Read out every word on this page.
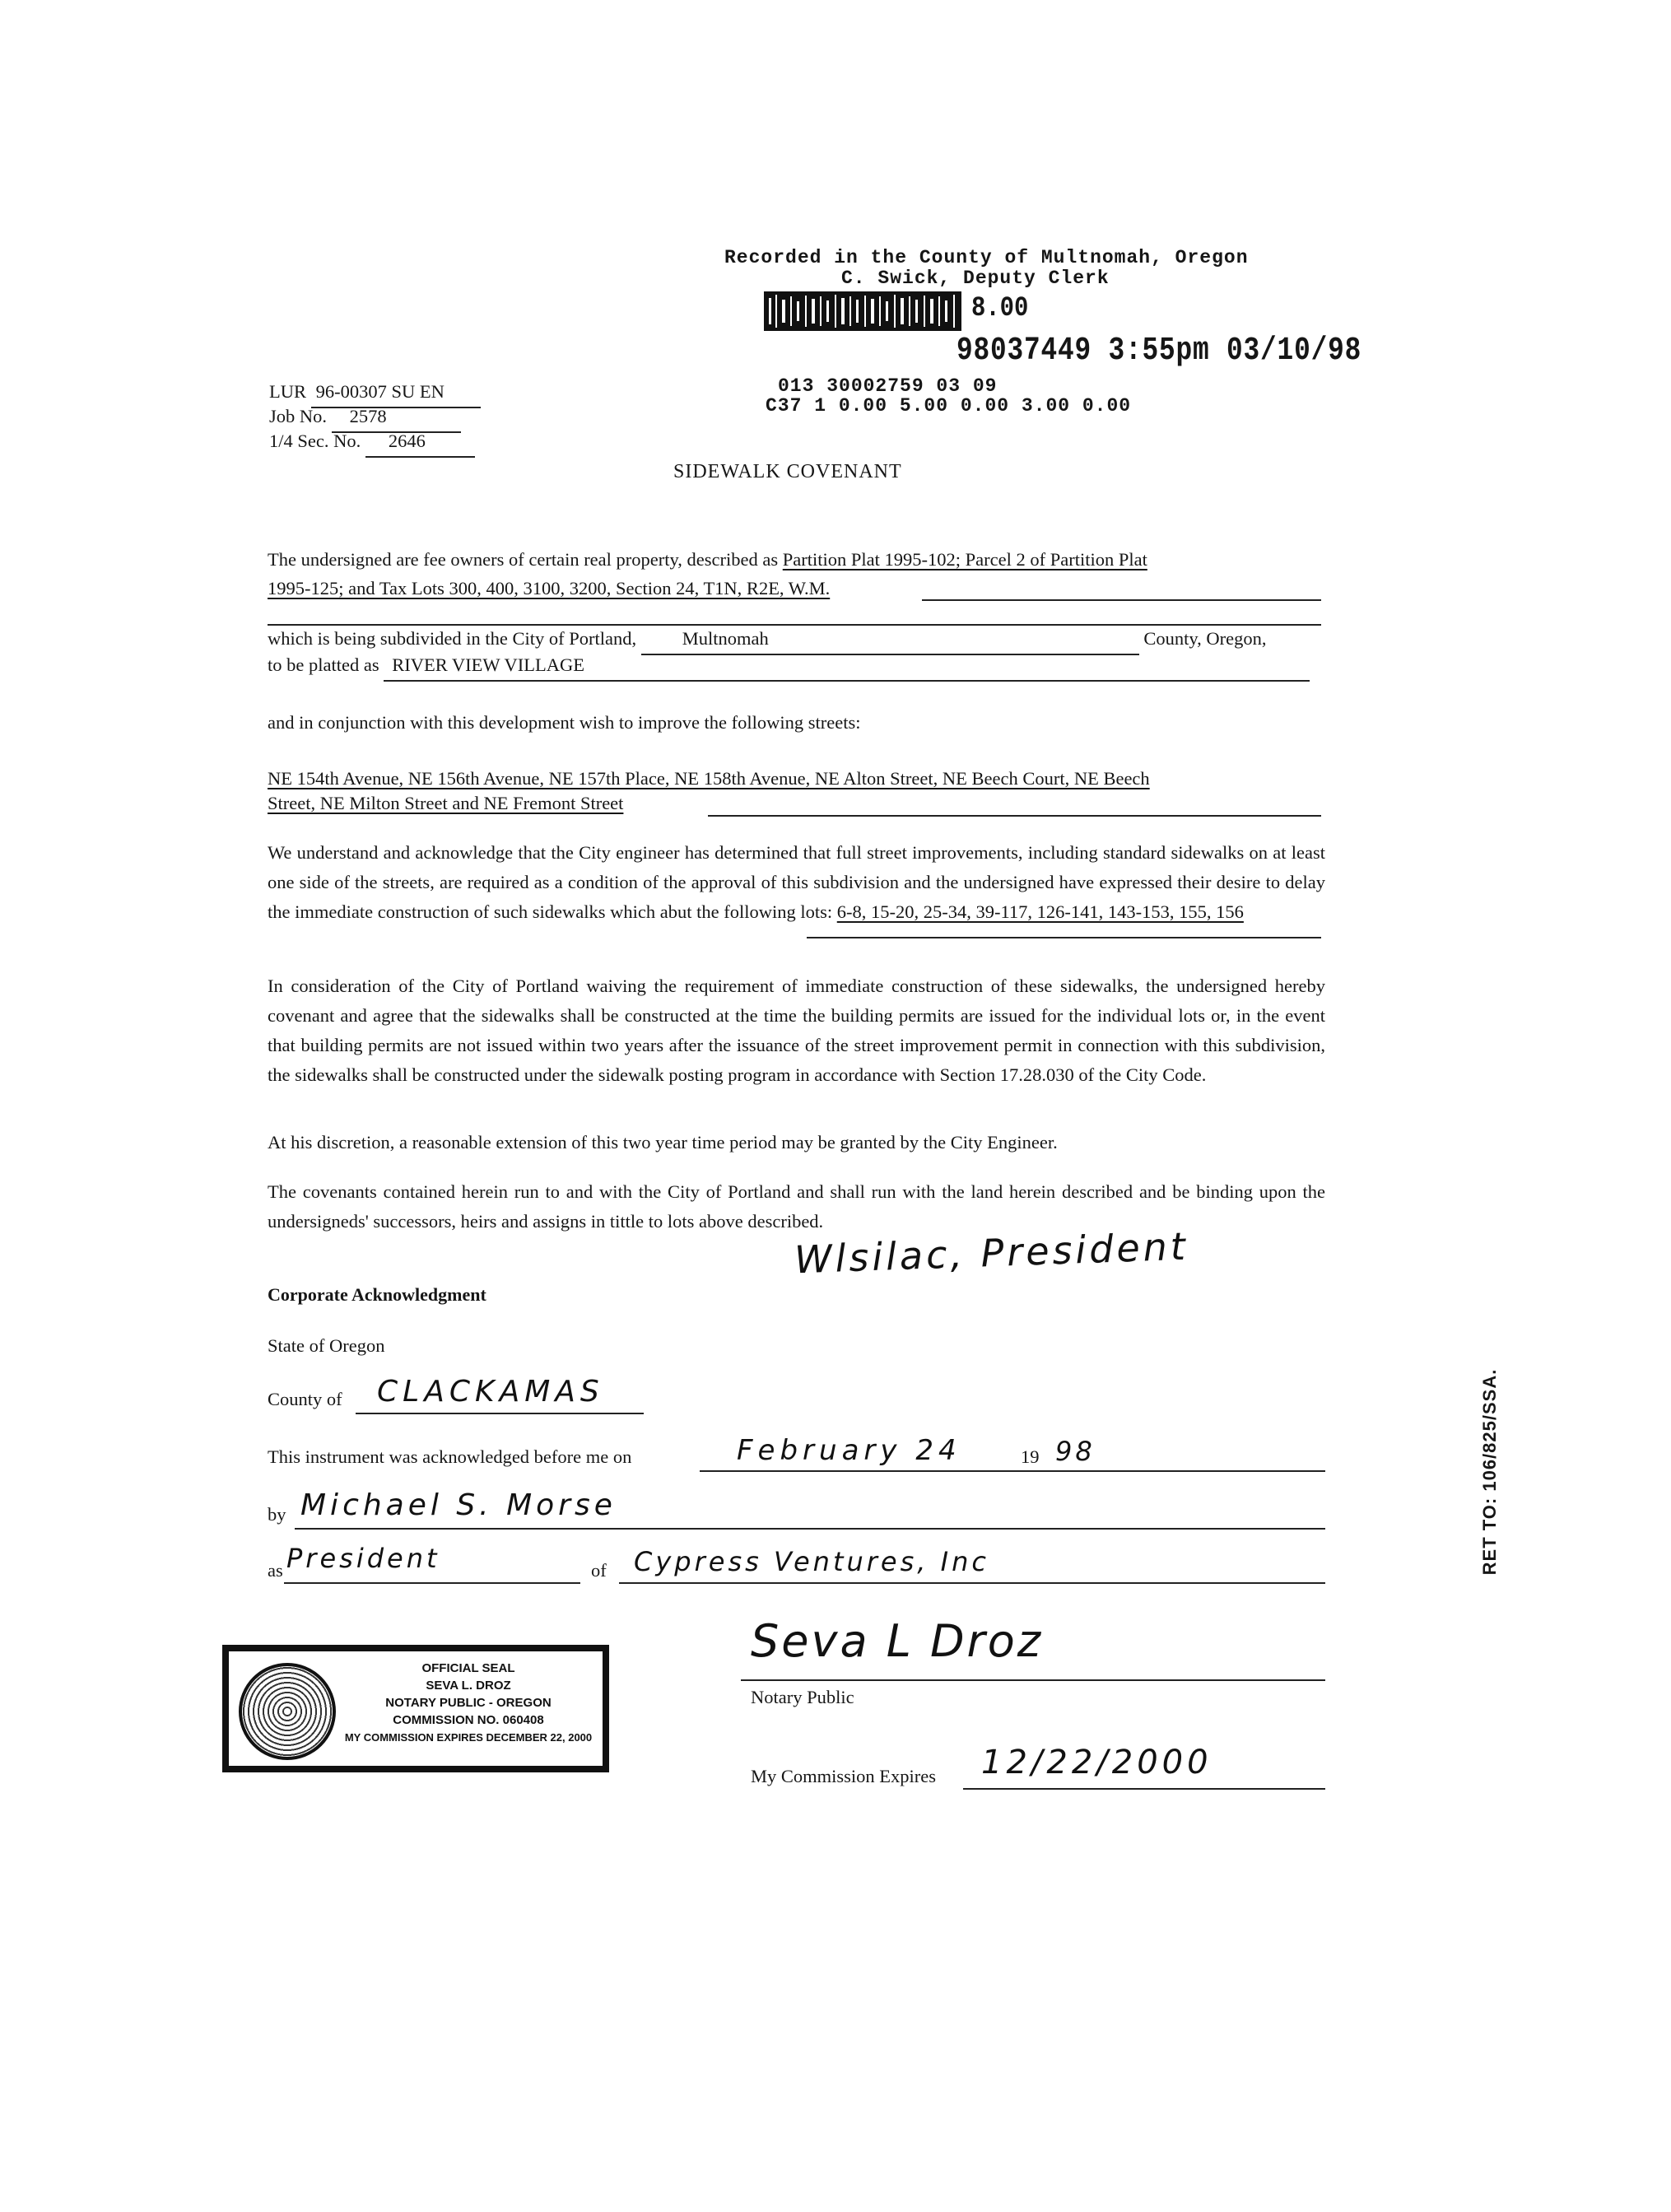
Recorded in the County of Multnomah, Oregon
C. Swick, Deputy Clerk
8.00
98037449 3:55pm 03/10/98
013 30002759 03 09
C37 1 0.00 5.00 0.00 3.00 0.00
LUR 96-00307 SU EN
Job No. 2578
1/4 Sec. No. 2646
SIDEWALK COVENANT
The undersigned are fee owners of certain real property, described as Partition Plat 1995-102; Parcel 2 of Partition Plat
1995-125; and Tax Lots 300, 400, 3100, 3200, Section 24, T1N, R2E, W.M.
which is being subdivided in the City of Portland, Multnomah	County, Oregon,
to be platted as RIVER VIEW VILLAGE
and in conjunction with this development wish to improve the following streets:
NE 154th Avenue, NE 156th Avenue, NE 157th Place, NE 158th Avenue, NE Alton Street, NE Beech Court, NE Beech
Street, NE Milton Street and NE Fremont Street
We understand and acknowledge that the City engineer has determined that full street improvements, including standard sidewalks on at least one side of the streets, are required as a condition of the approval of this subdivision and the undersigned have expressed their desire to delay the immediate construction of such sidewalks which abut the following lots: 6-8, 15-20, 25-34, 39-117, 126-141, 143-153, 155, 156
In consideration of the City of Portland waiving the requirement of immediate construction of these sidewalks, the undersigned hereby covenant and agree that the sidewalks shall be constructed at the time the building permits are issued for the individual lots or, in the event that building permits are not issued within two years after the issuance of the street improvement permit in connection with this subdivision, the sidewalks shall be constructed under the sidewalk posting program in accordance with Section 17.28.030 of the City Code.
At his discretion, a reasonable extension of this two year time period may be granted by the City Engineer.
The covenants contained herein run to and with the City of Portland and shall run with the land herein described and be binding upon the undersigneds' successors, heirs and assigns in tittle to lots above described.
Wlsilac, President
Corporate Acknowledgment
State of Oregon
County of CLACKAMAS
This instrument was acknowledged before me on	February 24	19 98
by Michael S. Morse
as President	of Cypress Ventures, Inc
OFFICIAL SEAL
SEVA L. DROZ
NOTARY PUBLIC - OREGON
COMMISSION NO. 060408
MY COMMISSION EXPIRES DECEMBER 22, 2000
Seva L Droz
Notary Public
My Commission Expires 12/22/2000
RET TO: 106/825/SSA.
